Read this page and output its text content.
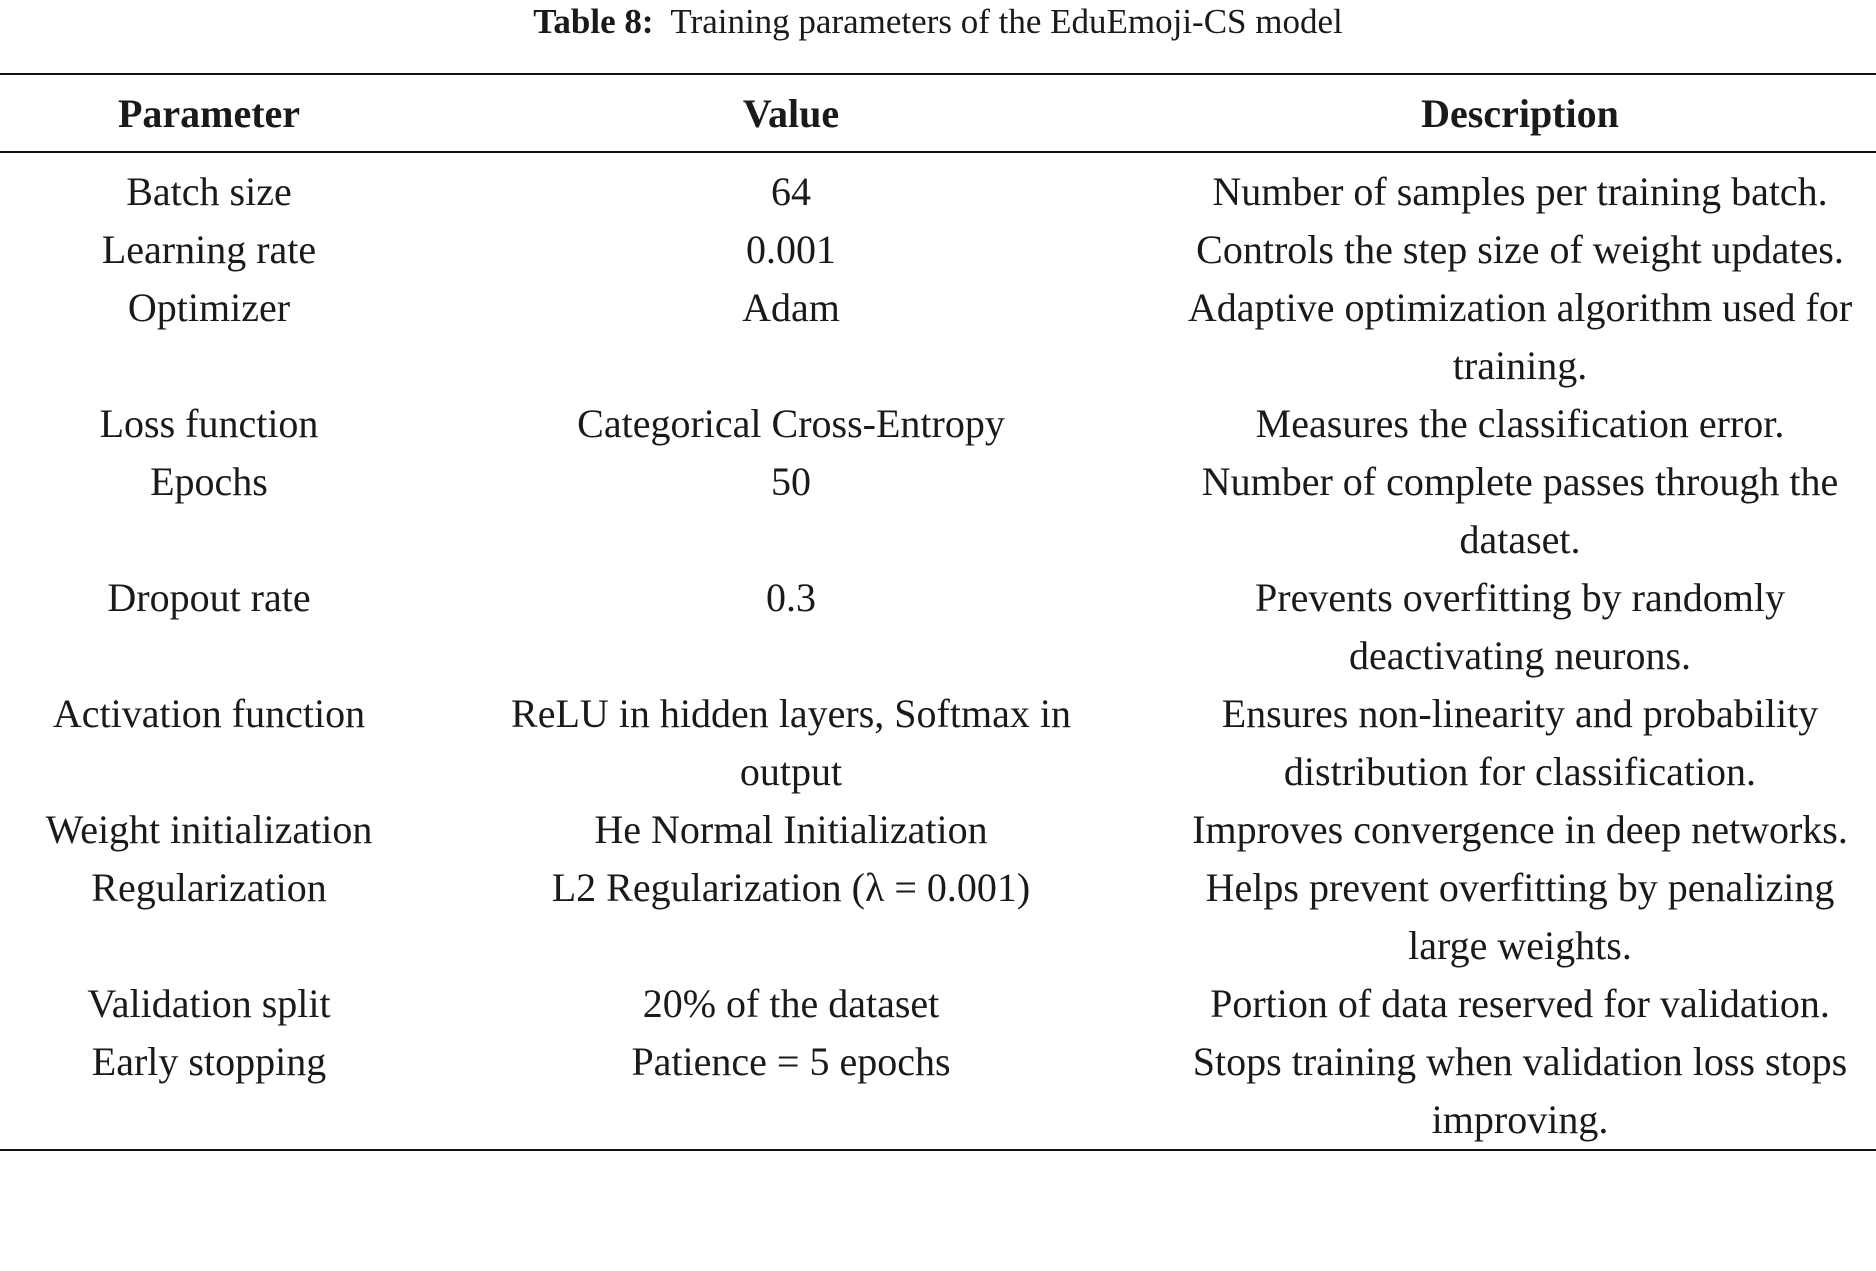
Table 8: Training parameters of the EduEmoji-CS model
Parameter	Value	Description
Batch size	64	Number of samples per training batch.
Learning rate	0.001	Controls the step size of weight updates.
Optimizer	Adam	Adaptive optimization algorithm used for training.
Loss function	Categorical Cross-Entropy	Measures the classification error.
Epochs	50	Number of complete passes through the dataset.
Dropout rate	0.3	Prevents overfitting by randomly deactivating neurons.
Activation function	ReLU in hidden layers, Softmax in output	Ensures non-linearity and probability distribution for classification.
Weight initialization	He Normal Initialization	Improves convergence in deep networks.
Regularization	L2 Regularization (λ = 0.001)	Helps prevent overfitting by penalizing large weights.
Validation split	20% of the dataset	Portion of data reserved for validation.
Early stopping	Patience = 5 epochs	Stops training when validation loss stops improving.
